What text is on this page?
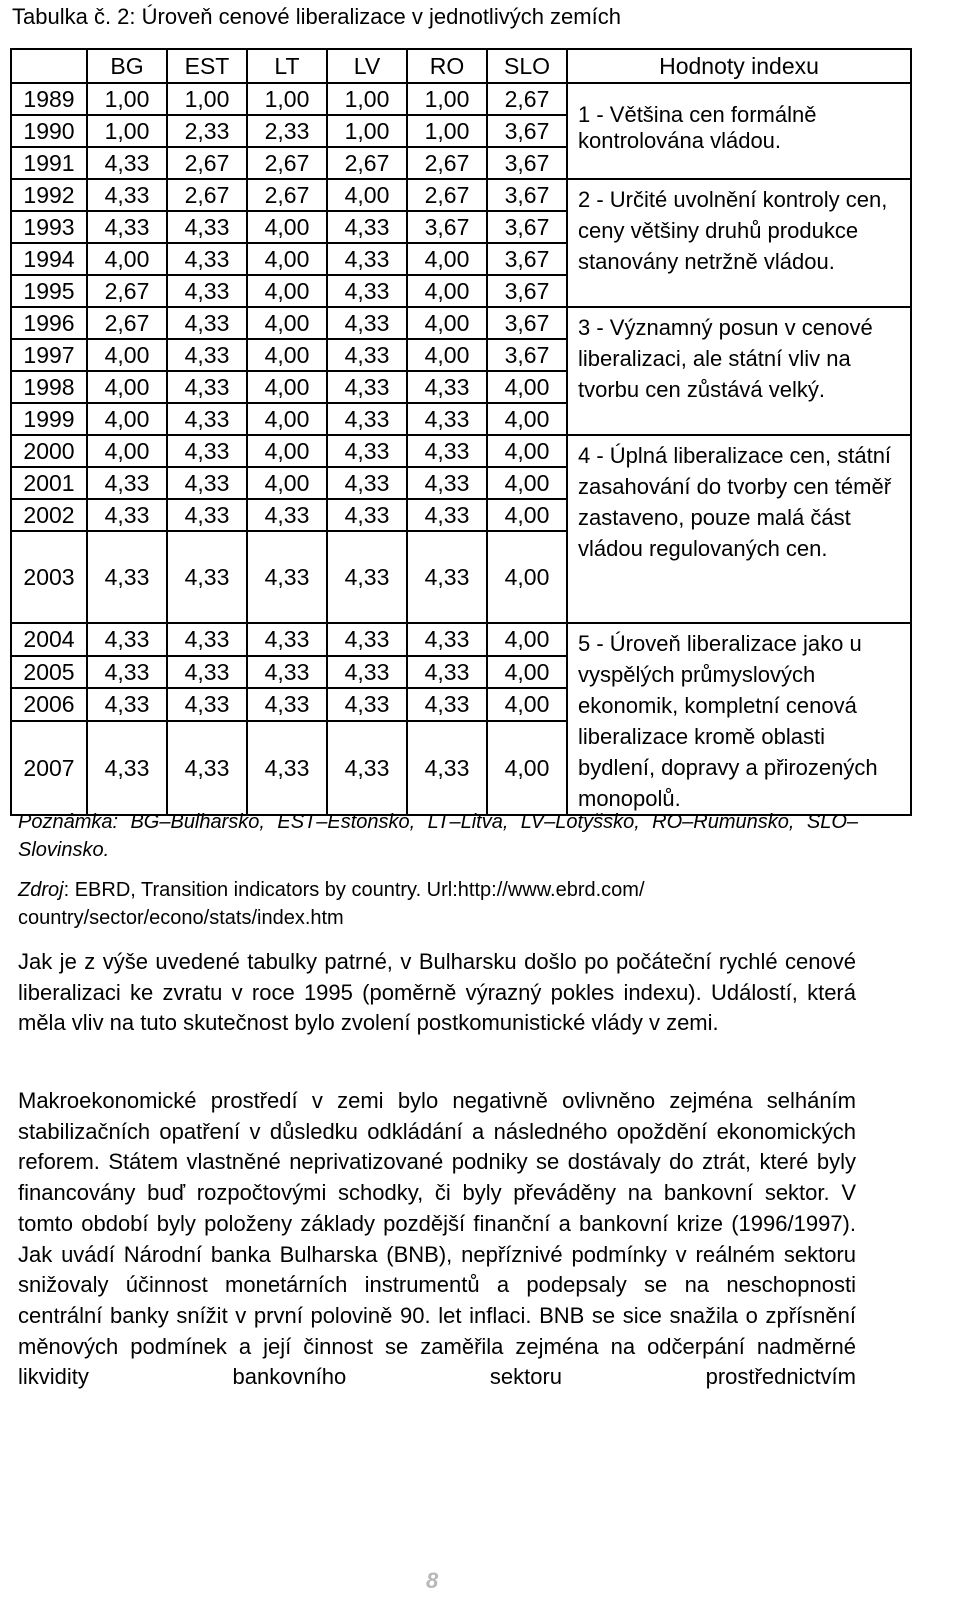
Tabulka č. 2: Úroveň cenové liberalizace v jednotlivých zemích
	BG	EST	LT	LV	RO	SLO	Hodnoty indexu
1989	1,00	1,00	1,00	1,00	1,00	2,67	1 - Většina cen formálně kontrolována vládou.
1990	1,00	2,33	2,33	1,00	1,00	3,67	
1991	4,33	2,67	2,67	2,67	2,67	3,67	
1992	4,33	2,67	2,67	4,00	2,67	3,67	2 - Určité uvolnění kontroly cen, ceny většiny druhů produkce stanovány netržně vládou.
1993	4,33	4,33	4,00	4,33	3,67	3,67	
1994	4,00	4,33	4,00	4,33	4,00	3,67	
1995	2,67	4,33	4,00	4,33	4,00	3,67	
1996	2,67	4,33	4,00	4,33	4,00	3,67	3 - Významný posun v cenové liberalizaci, ale státní vliv na tvorbu cen zůstává velký.
1997	4,00	4,33	4,00	4,33	4,00	3,67	
1998	4,00	4,33	4,00	4,33	4,33	4,00	
1999	4,00	4,33	4,00	4,33	4,33	4,00	
2000	4,00	4,33	4,00	4,33	4,33	4,00	4 - Úplná liberalizace cen, státní zasahování do tvorby cen téměř zastaveno, pouze malá část vládou regulovaných cen.
2001	4,33	4,33	4,00	4,33	4,33	4,00	
2002	4,33	4,33	4,33	4,33	4,33	4,00	
2003	4,33	4,33	4,33	4,33	4,33	4,00	
2004	4,33	4,33	4,33	4,33	4,33	4,00	5 - Úroveň liberalizace jako u vyspělých průmyslových ekonomik, kompletní cenová liberalizace kromě oblasti bydlení, dopravy a přirozených monopolů.
2005	4,33	4,33	4,33	4,33	4,33	4,00	
2006	4,33	4,33	4,33	4,33	4,33	4,00	
2007	4,33	4,33	4,33	4,33	4,33	4,00	
Poznámka: BG–Bulharsko, EST–Estonsko, LT–Litva, LV–Lotyšsko, RO–Rumunsko, SLO–Slovinsko.
Zdroj: EBRD, Transition indicators by country. Url:http://www.ebrd.com/ country/sector/econo/stats/index.htm

Jak je z výše uvedené tabulky patrné, v Bulharsku došlo po počáteční rychlé cenové liberalizaci ke zvratu v roce 1995 (poměrně výrazný pokles indexu). Událostí, která měla vliv na tuto skutečnost bylo zvolení postkomunistické vlády v zemi.

Makroekonomické prostředí v zemi bylo negativně ovlivněno zejména selháním stabilizačních opatření v důsledku odkládání a následného opoždění ekonomických reforem. Státem vlastněné neprivatizované podniky se dostávaly do ztrát, které byly financovány buď rozpočtovými schodky, či byly převáděny na bankovní sektor. V tomto období byly položeny základy pozdější finanční a bankovní krize (1996/1997). Jak uvádí Národní banka Bulharska (BNB), nepříznivé podmínky v reálném sektoru snižovaly účinnost monetárních instrumentů a podepsaly se na neschopnosti centrální banky snížit v první polovině 90. let inflaci. BNB se sice snažila o zpřísnění měnových podmínek a její činnost se zaměřila zejména na odčerpání nadměrné likvidity bankovního sektoru prostřednictvím

8
